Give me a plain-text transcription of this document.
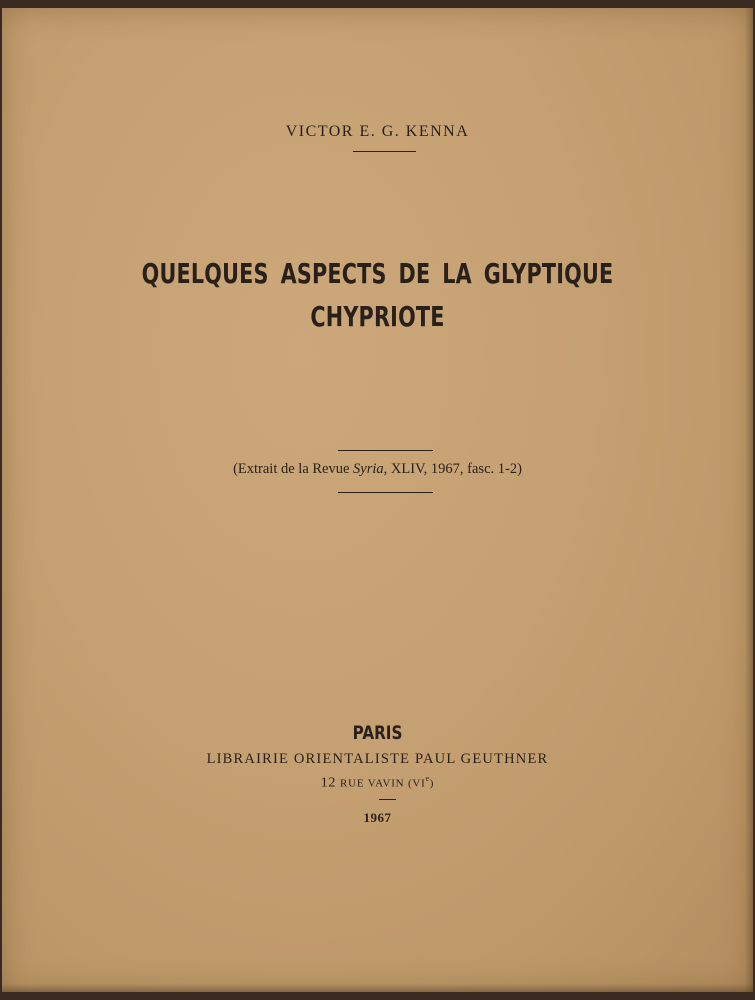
VICTOR E. G. KENNA
QUELQUES ASPECTS DE LA GLYPTIQUE
CHYPRIOTE
(Extrait de la Revue Syria, XLIV, 1967, fasc. 1-2)
PARIS
LIBRAIRIE ORIENTALISTE PAUL GEUTHNER
12 RUE VAVIN (VIe)
1967
